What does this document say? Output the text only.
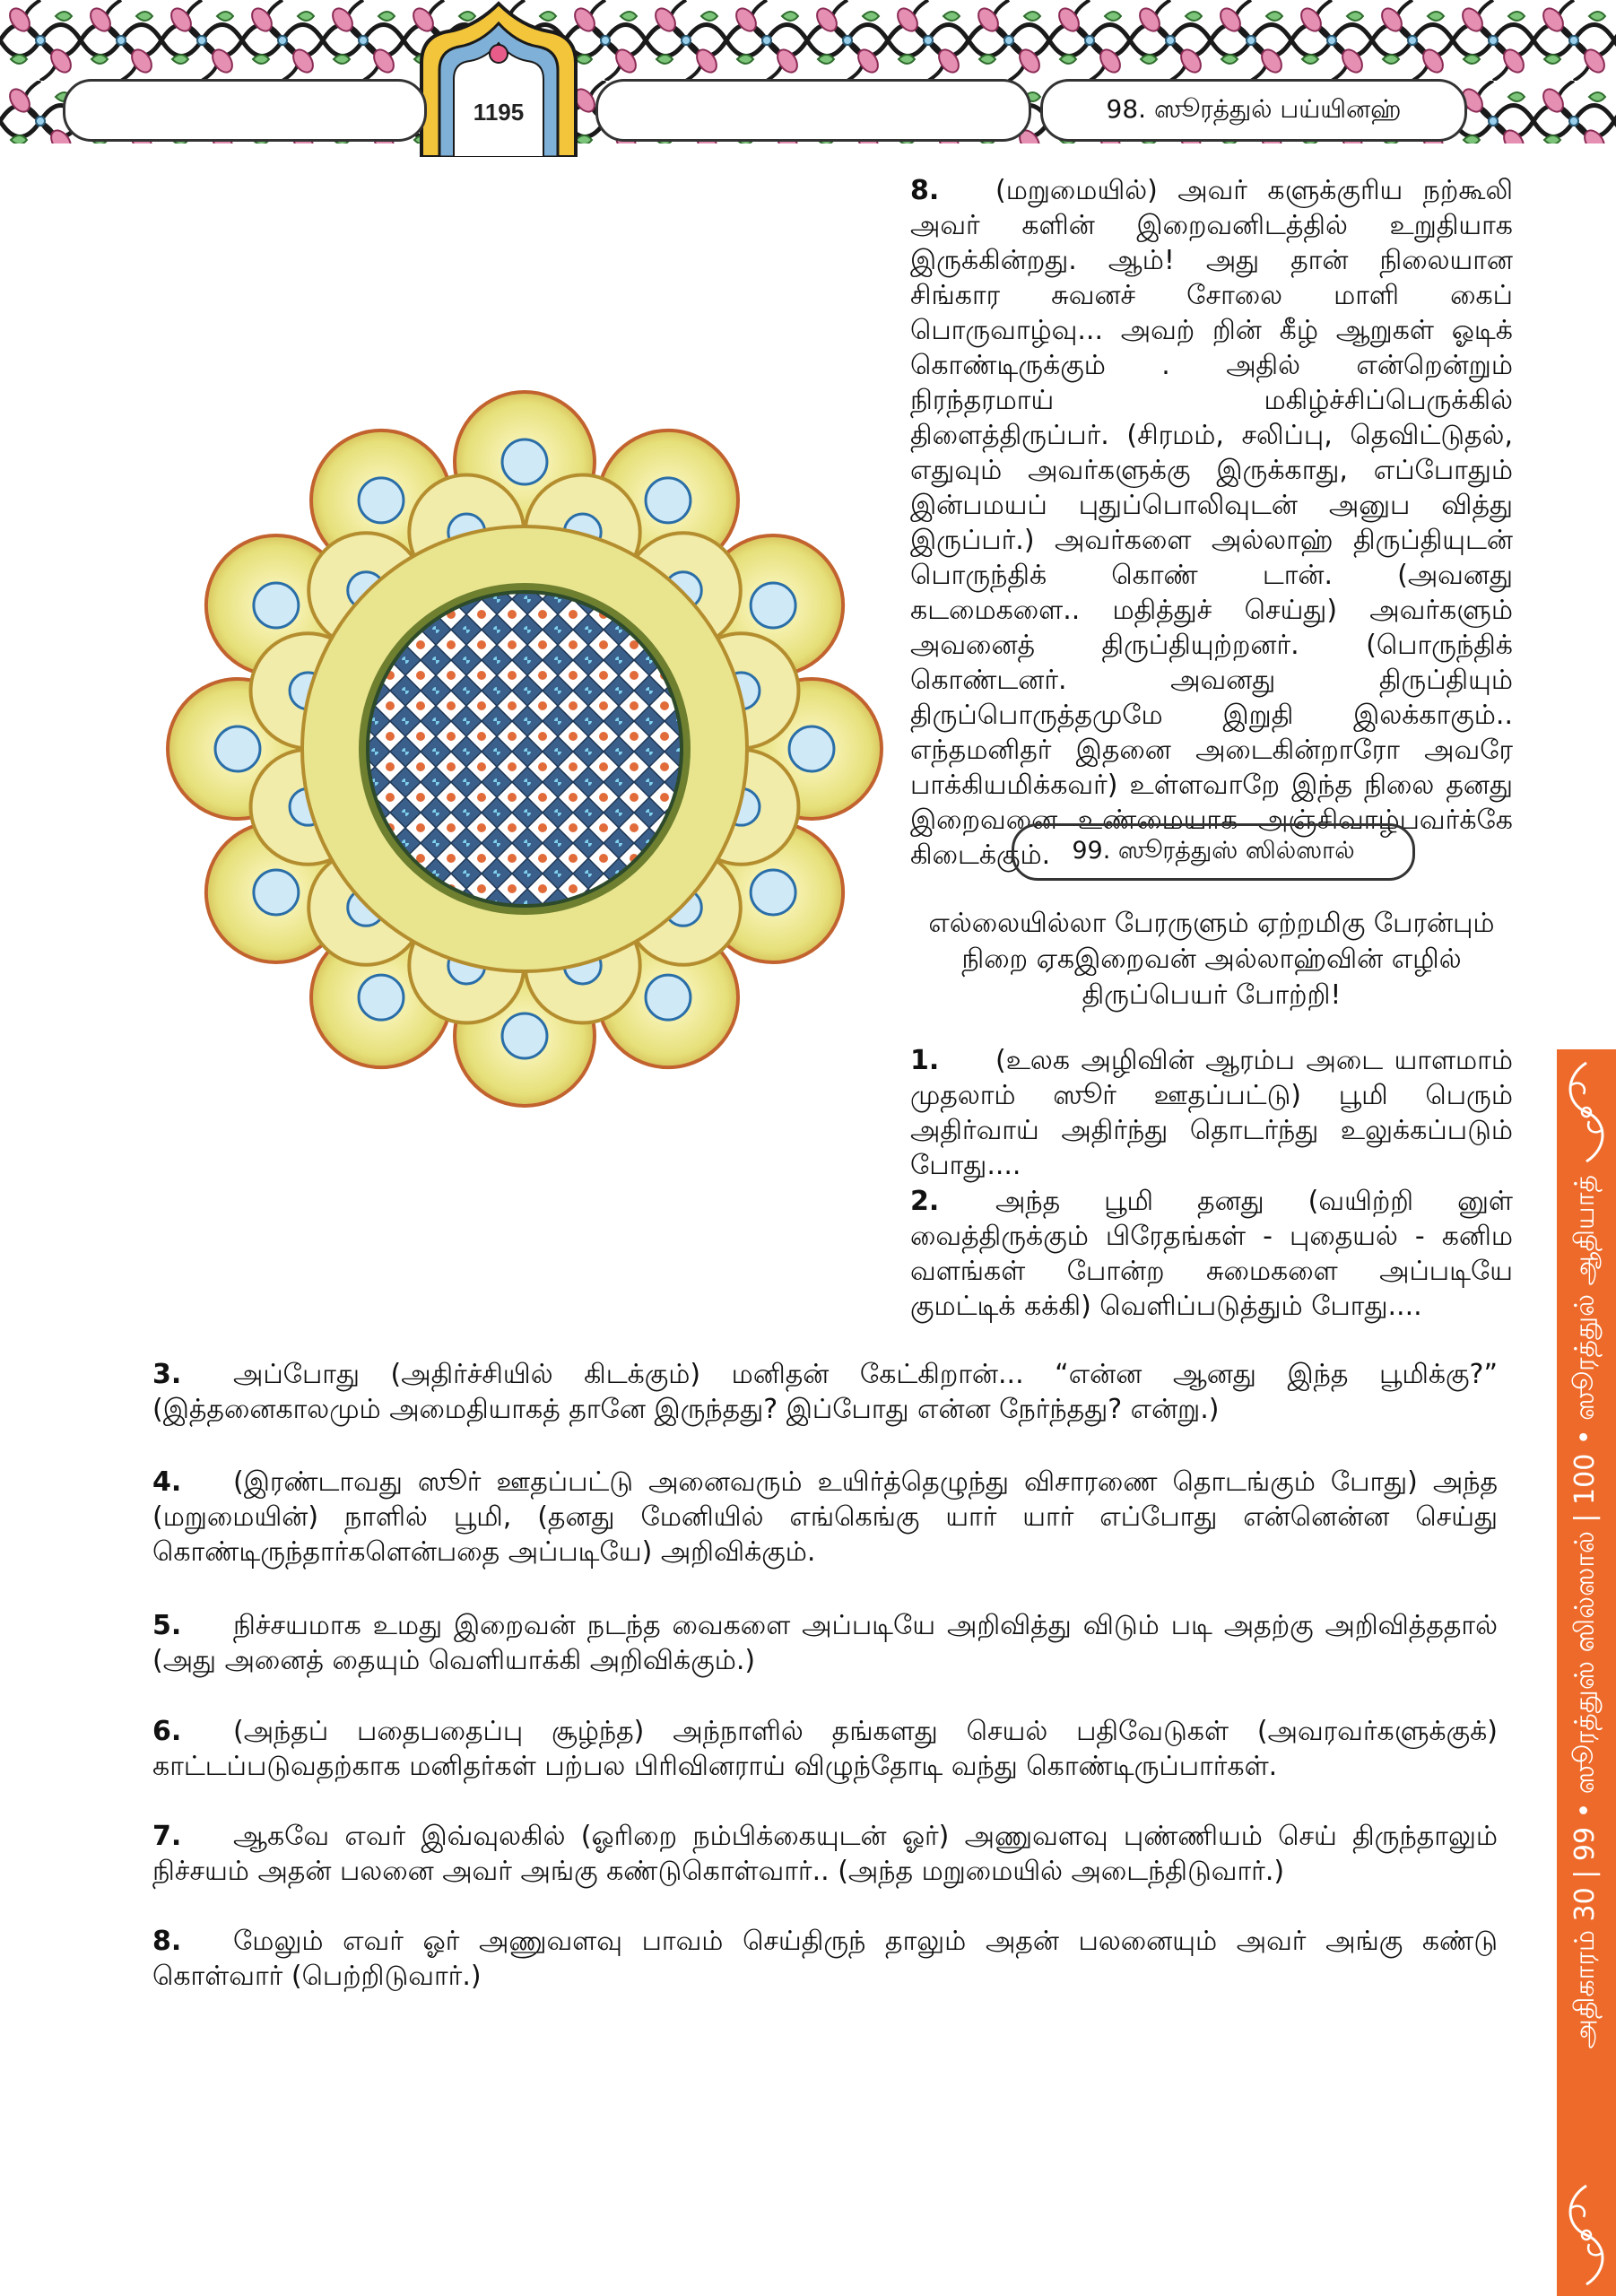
1195	98. ஸூரத்துல் பய்யினஹ்

8. (மறுமையில்) அவர் களுக்குரிய நற்கூலி அவர் களின் இறைவனிடத்தில் உறுதியாக இருக்கின்றது. ஆம்! அது தான் நிலையான சிங்கார சுவனச் சோலை மாளி கைப் பொருவாழ்வு... அவற் றின் கீழ் ஆறுகள் ஓடிக் கொண்டிருக்கும் . அதில் என்றென்றும் நிரந்தரமாய் மகிழ்ச்சிப்பெருக்கில் திளைத்திருப்பர். (சிரமம், சலிப்பு, தெவிட்டுதல், எதுவும் அவர்களுக்கு இருக்காது, எப்போதும் இன்பமயப் புதுப்பொலிவுடன் அனுப வித்து இருப்பர்.) அவர்களை அல்லாஹ் திருப்தியுடன் பொருந்திக் கொண் டான். (அவனது கடமைகளை.. மதித்துச் செய்து) அவர்களும் அவனைத் திருப்தியுற்றனர். (பொருந்திக் கொண்டனர். அவனது திருப்தியும் திருப்பொருத்தமுமே இறுதி இலக்காகும்.. எந்தமனிதர் இதனை அடைகின்றாரோ அவரே பாக்கியமிக்கவர்) உள்ளவாறே இந்த நிலை தனது இறைவனை உண்மையாக அஞ்சிவாழ்பவர்க்கே கிடைக்கும். 99. ஸூரத்துஸ் ஸில்ஸால்
எல்லையில்லா பேரருளும் ஏற்றமிகு பேரன்பும்
நிறை ஏகஇறைவன் அல்லாஹ்வின் எழில்
திருப்பெயர் போற்றி!

1. (உலக அழிவின் ஆரம்ப அடை யாளமாம் முதலாம் ஸூர் ஊதப்பட்டு) பூமி பெரும் அதிர்வாய் அதிர்ந்து தொடர்ந்து உலுக்கப்படும் போது....

2. அந்த பூமி தனது (வயிற்றி னுள் வைத்திருக்கும் பிரேதங்கள் - புதையல் - கனிம வளங்கள் போன்ற சுமைகளை அப்படியே குமட்டிக் கக்கி) வெளிப்படுத்தும் போது....

3. அப்போது (அதிர்ச்சியில் கிடக்கும்) மனிதன் கேட்கிறான்... “என்ன ஆனது இந்த பூமிக்கு?” (இத்தனைகாலமும் அமைதியாகத் தானே இருந்தது? இப்போது என்ன நேர்ந்தது? என்று.)

4. (இரண்டாவது ஸூர் ஊதப்பட்டு அனைவரும் உயிர்த்தெழுந்து விசாரணை தொடங்கும் போது) அந்த (மறுமையின்) நாளில் பூமி, (தனது மேனியில் எங்கெங்கு யார் யார் எப்போது என்னென்ன செய்து கொண்டிருந்தார்களென்பதை அப்படியே) அறிவிக்கும்.

5. நிச்சயமாக உமது இறைவன் நடந்த வைகளை அப்படியே அறிவித்து விடும் படி அதற்கு அறிவித்ததால் (அது அனைத் தையும் வெளியாக்கி அறிவிக்கும்.)

6. (அந்தப் பதைபதைப்பு சூழ்ந்த) அந்நாளில் தங்களது செயல் பதிவேடுகள் (அவரவர்களுக்குக்) காட்டப்படுவதற்காக மனிதர்கள் பற்பல பிரிவினராய் விழுந்தோடி வந்து கொண்டிருப்பார்கள்.

7. ஆகவே எவர் இவ்வுலகில் (ஓரிறை நம்பிக்கையுடன் ஓர்) அணுவளவு புண்ணியம் செய் திருந்தாலும் நிச்சயம் அதன் பலனை அவர் அங்கு கண்டுகொள்வார்.. (அந்த மறுமையில் அடைந்திடுவார்.)

8. மேலும் எவர் ஓர் அணுவளவு பாவம் செய்திருந் தாலும் அதன் பலனையும் அவர் அங்கு கண்டு கொள்வார் (பெற்றிடுவார்.)	அதிகாரம் 30 | 99 • ஸூரத்துஸ் ஸில்ஸால் | 100 • ஸூரத்துல் ஆதியாத்
